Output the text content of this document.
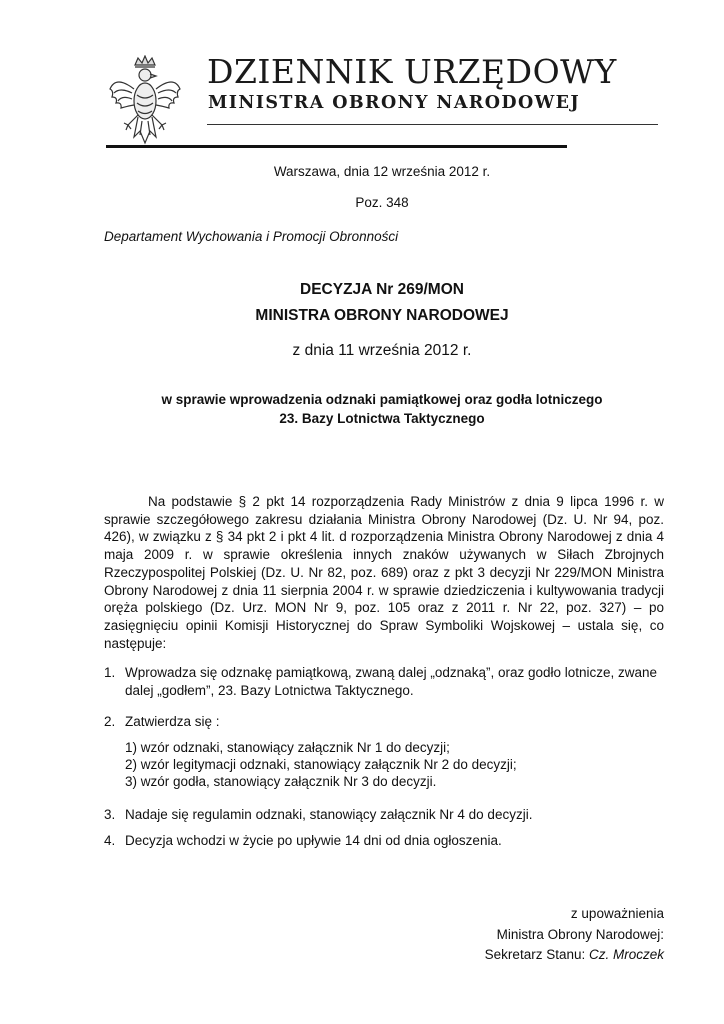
DZIENNIK URZĘDOWY
MINISTRA OBRONY NARODOWEJ
Warszawa, dnia 12 września 2012 r.
Poz. 348
Departament Wychowania i Promocji Obronności
DECYZJA Nr 269/MON
MINISTRA OBRONY NARODOWEJ
z dnia 11 września 2012 r.
w sprawie wprowadzenia odznaki pamiątkowej oraz godła lotniczego
23. Bazy Lotnictwa Taktycznego

Na podstawie § 2 pkt 14 rozporządzenia Rady Ministrów z dnia 9 lipca 1996 r. w sprawie szczegółowego zakresu działania Ministra Obrony Narodowej (Dz. U. Nr 94, poz. 426), w związku z § 34 pkt 2 i pkt 4 lit. d rozporządzenia Ministra Obrony Narodowej z dnia 4 maja 2009 r. w sprawie określenia innych znaków używanych w Siłach Zbrojnych Rzeczypospolitej Polskiej (Dz. U. Nr 82, poz. 689) oraz z pkt 3 decyzji Nr 229/MON Ministra Obrony Narodowej z dnia 11 sierpnia 2004 r. w sprawie dziedziczenia i kultywowania tradycji oręża polskiego (Dz. Urz. MON Nr 9, poz. 105 oraz z 2011 r. Nr 22, poz. 327) – po zasięgnięciu opinii Komisji Historycznej do Spraw Symboliki Wojskowej – ustala się, co następuje:

1. Wprowadza się odznakę pamiątkową, zwaną dalej „odznaką”, oraz godło lotnicze, zwane dalej „godłem”, 23. Bazy Lotnictwa Taktycznego.
2. Zatwierdza się :
1) wzór odznaki, stanowiący załącznik Nr 1 do decyzji;
2) wzór legitymacji odznaki, stanowiący załącznik Nr 2 do decyzji;
3) wzór godła, stanowiący załącznik Nr 3 do decyzji.
3. Nadaje się regulamin odznaki, stanowiący załącznik Nr 4 do decyzji.
4. Decyzja wchodzi w życie po upływie 14 dni od dnia ogłoszenia.
z upoważnienia
Ministra Obrony Narodowej:
Sekretarz Stanu: Cz. Mroczek
